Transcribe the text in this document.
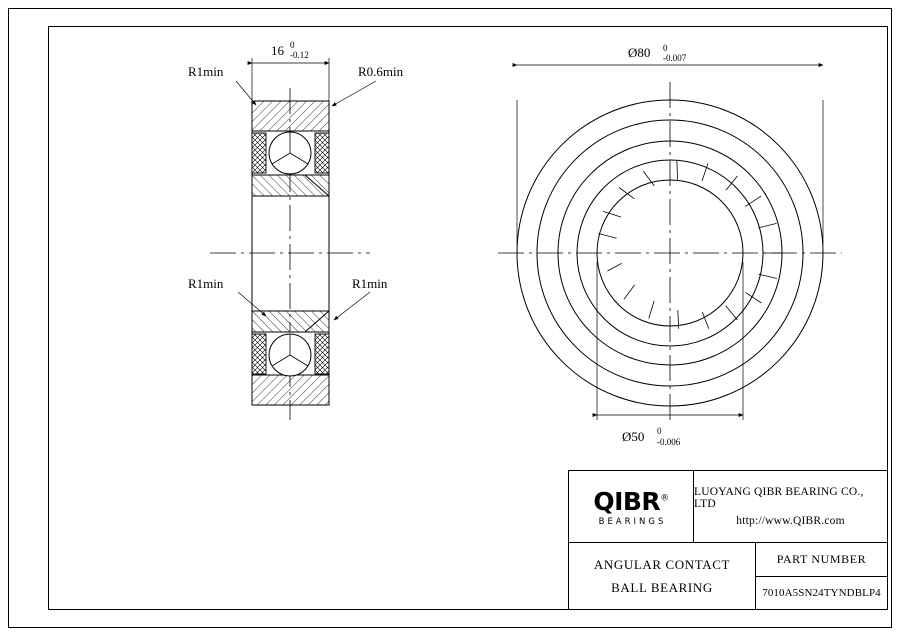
16 0
-0.12
R1min	R0.6min
R1min	R1min
Ø80 0
-0.007
Ø50 0
-0.006
QIBR®
BEARINGS
LUOYANG QIBR BEARING CO., LTD
http://www.QIBR.com
ANGULAR CONTACT
BALL BEARING
PART NUMBER
7010A5SN24TYNDBLP4
